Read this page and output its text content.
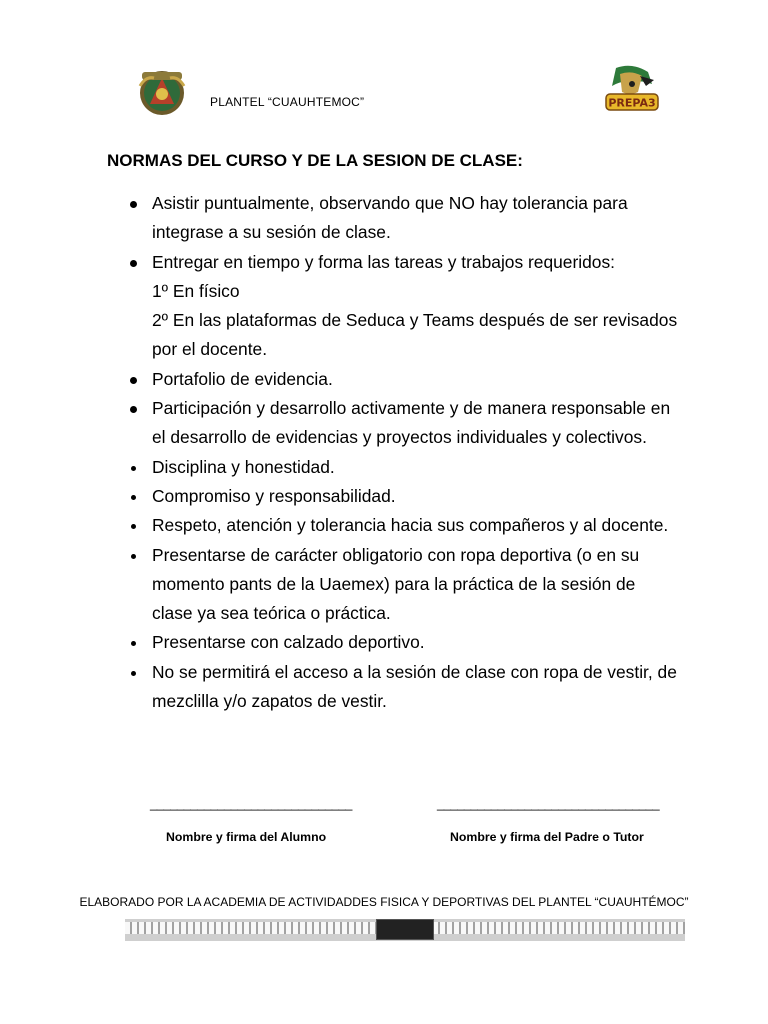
PLANTEL “CUAUHTEMOC”	PREPA3
NORMAS DEL CURSO Y DE LA SESION DE CLASE:
Asistir puntualmente, observando que NO hay tolerancia para
integrase a su sesión de clase.
Entregar en tiempo y forma las tareas y trabajos requeridos:
1º En físico
2º En las plataformas de Seduca y Teams después de ser revisados
por el docente.
Portafolio de evidencia.
Participación y desarrollo activamente y de manera responsable en
el desarrollo de evidencias y proyectos individuales y colectivos.
Disciplina y honestidad.
Compromiso y responsabilidad.
Respeto, atención y tolerancia hacia sus compañeros y al docente.
Presentarse de carácter obligatorio con ropa deportiva (o en su
momento pants de la Uaemex) para la práctica de la sesión de
clase ya sea teórica o práctica.
Presentarse con calzado deportivo.
No se permitirá el acceso a la sesión de clase con ropa de vestir, de
mezclilla y/o zapatos de vestir.
______________________________	_________________________________
Nombre y firma del Alumno	Nombre y firma del Padre o Tutor
ELABORADO POR LA ACADEMIA DE ACTIVIDADDES FISICA Y DEPORTIVAS DEL PLANTEL “CUAUHTÉMOC”
